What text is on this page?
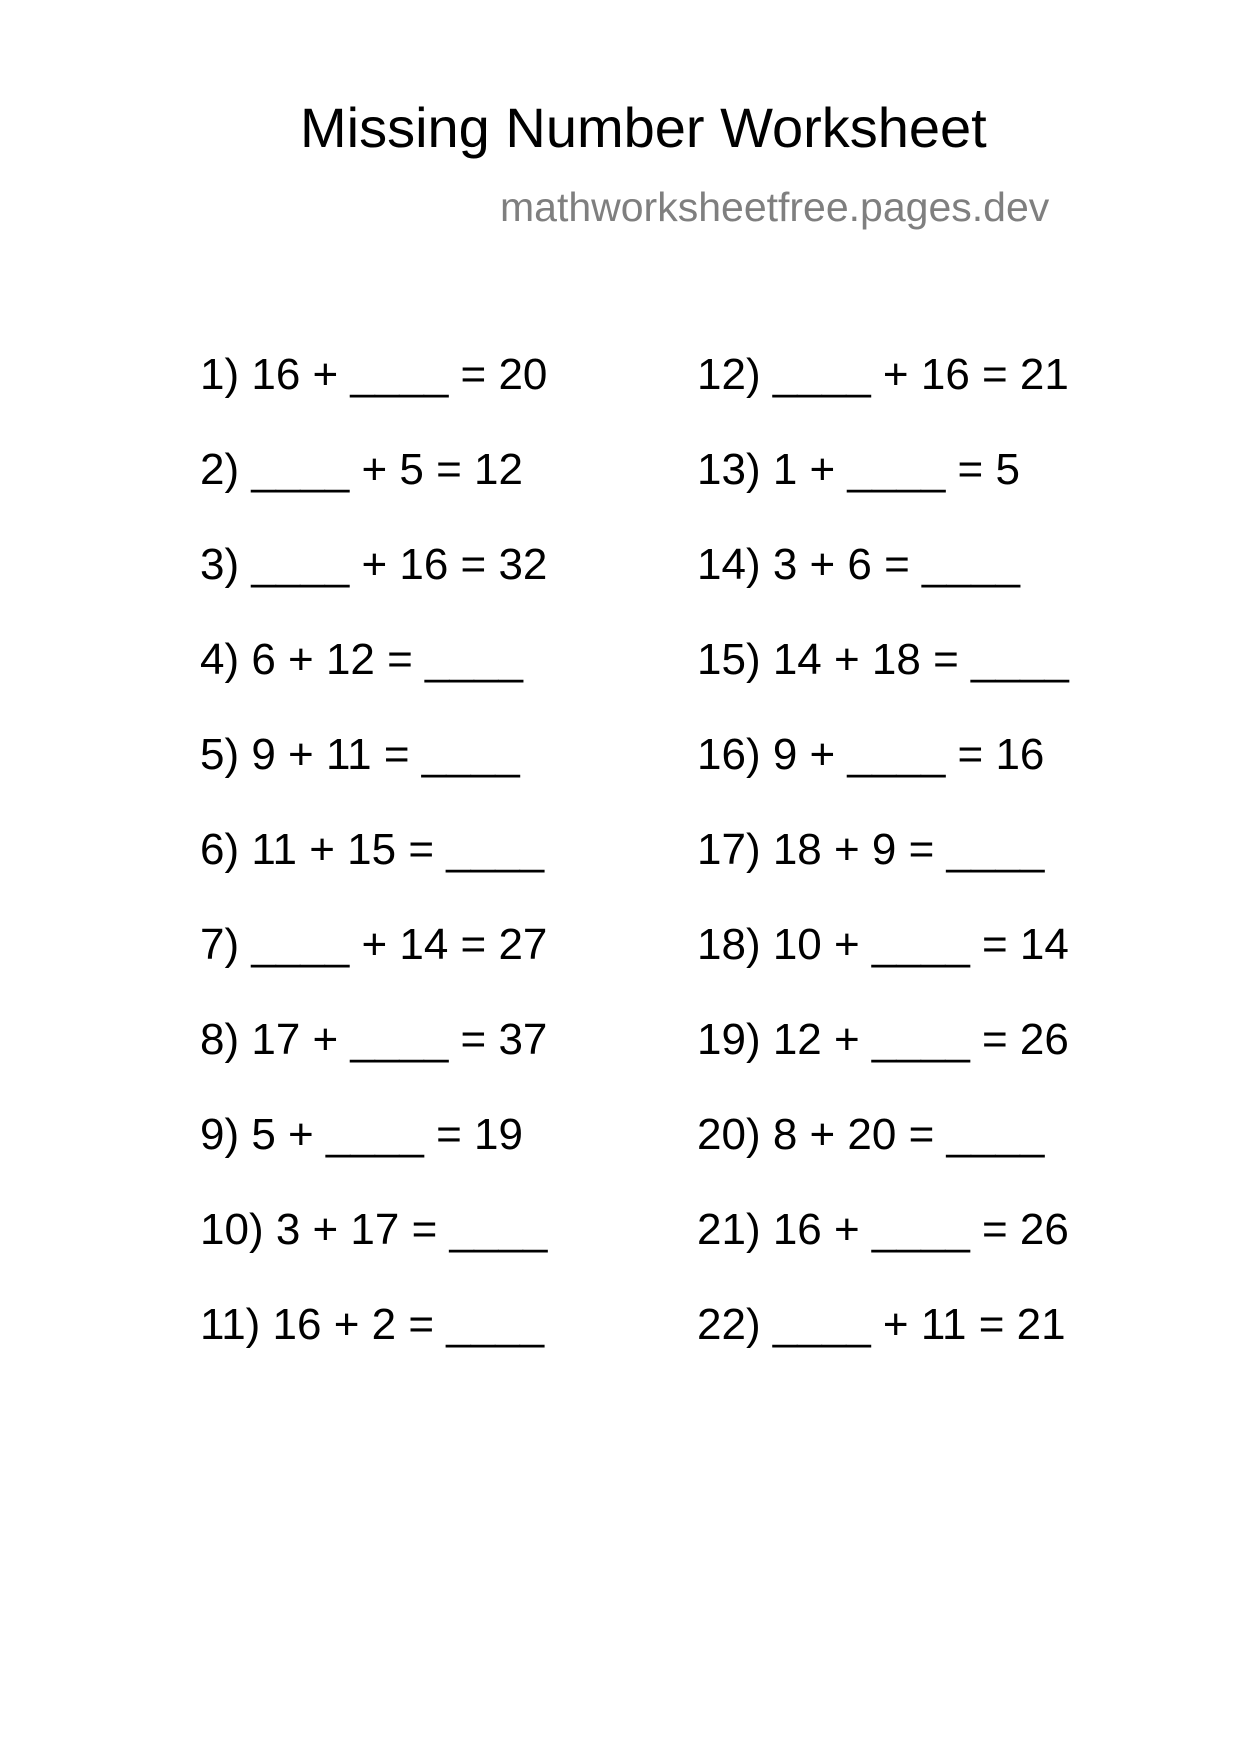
Missing Number Worksheet
mathworksheetfree.pages.dev
1) 16 + ____ = 20
2) ____ + 5 = 12
3) ____ + 16 = 32
4) 6 + 12 = ____
5) 9 + 11 = ____
6) 11 + 15 = ____
7) ____ + 14 = 27
8) 17 + ____ = 37
9) 5 + ____ = 19
10) 3 + 17 = ____
11) 16 + 2 = ____
12) ____ + 16 = 21
13) 1 + ____ = 5
14) 3 + 6 = ____
15) 14 + 18 = ____
16) 9 + ____ = 16
17) 18 + 9 = ____
18) 10 + ____ = 14
19) 12 + ____ = 26
20) 8 + 20 = ____
21) 16 + ____ = 26
22) ____ + 11 = 21
